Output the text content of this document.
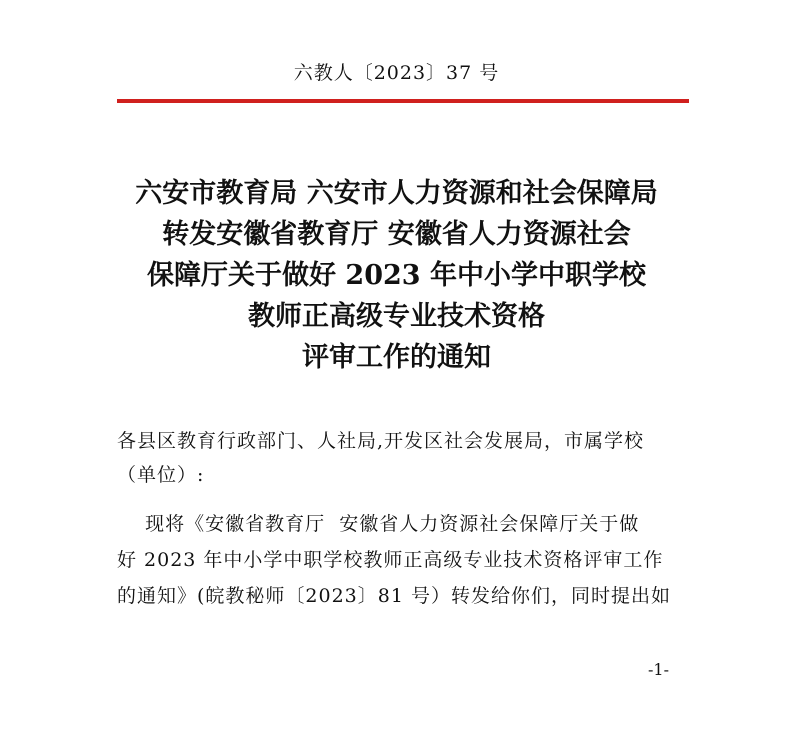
六教人〔2023〕37 号
六安市教育局 六安市人力资源和社会保障局
转发安徽省教育厅 安徽省人力资源社会
保障厅关于做好 2023 年中小学中职学校
教师正高级专业技术资格
评审工作的通知
各县区教育行政部门、人社局,开发区社会发展局，市属学校
（单位）:
现将《安徽省教育厅  安徽省人力资源社会保障厅关于做
好 2023 年中小学中职学校教师正高级专业技术资格评审工作
的通知》(皖教秘师〔2023〕81 号）转发给你们，同时提出如
-1-
